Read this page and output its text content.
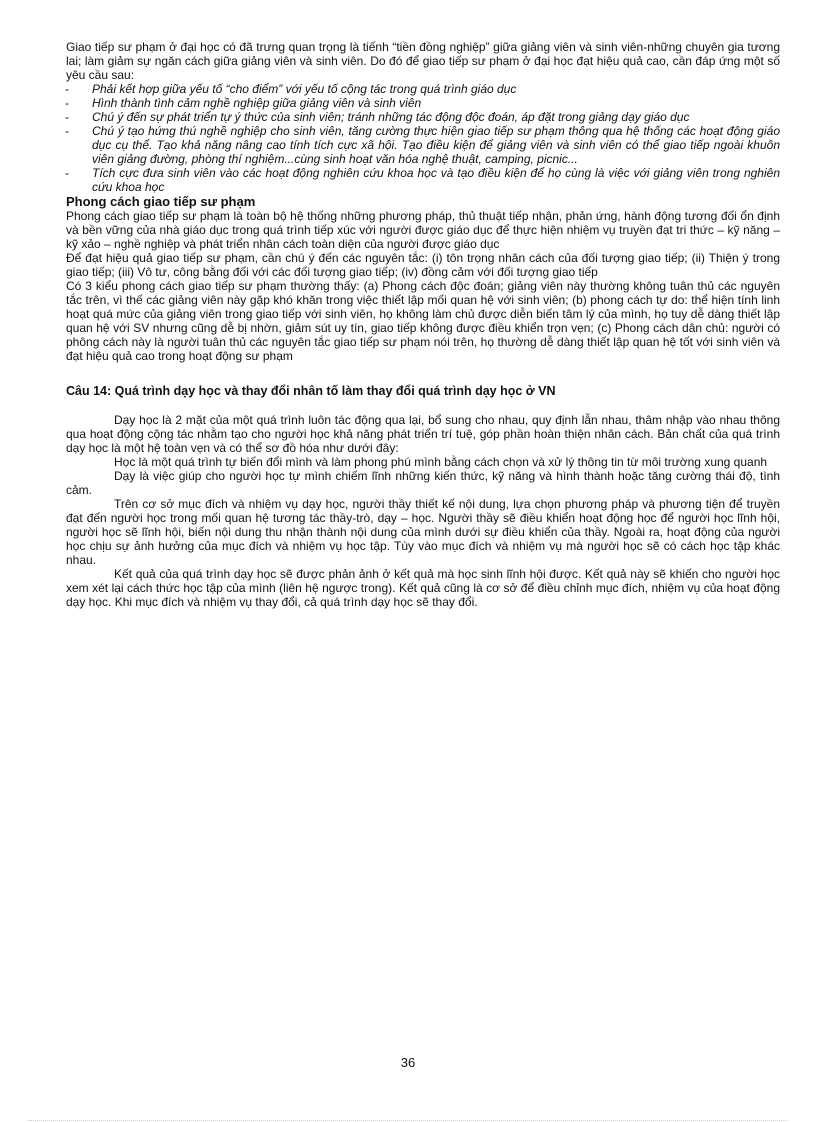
Giao tiếp sư phạm ở đại học có đã trưng quan trọng là tiếnh “tiền đồng nghiệp” giữa giảng viên và sinh viên-những chuyên gia tương lai; làm giảm sự ngăn cách giữa giảng viên và sinh viên. Do đó để giao tiếp sư phạm ở đại học đạt hiệu quả cao, cần đáp ứng một số yêu cầu sau:

- Phải kết hợp giữa yếu tố “cho điểm” với yếu tố cộng tác trong quá trình giáo dục
- Hình thành tình cảm nghề nghiệp giữa giảng viên và sinh viên
- Chú ý đến sự phát triển tự ý thức của sinh viên; tránh những tác động độc đoán, áp đặt trong giảng dạy giáo dục
- Chú ý tạo hứng thú nghề nghiệp cho sinh viên, tăng cường thực hiện giao tiếp sư phạm thông qua hệ thống các hoạt động giáo dục cụ thể. Tạo khả năng nâng cao tính tích cực xã hội. Tạo điều kiện để giảng viên và sinh viên có thể giao tiếp ngoài khuôn viên giảng đường, phòng thí nghiệm...cùng sinh hoạt văn hóa nghệ thuật, camping, picnic...
- Tích cực đưa sinh viên vào các hoạt động nghiên cứu khoa học và tạo điều kiện để họ cùng là việc với giảng viên trong nghiên cứu khoa học

Phong cách giao tiếp sư phạm

Phong cách giao tiếp sư phạm là toàn bộ hệ thống những phương pháp, thủ thuật tiếp nhận, phản ứng, hành động tương đối ổn định và bền vững của nhà giáo dục trong quá trình tiếp xúc với người được giáo dục để thực hiện nhiệm vụ truyền đạt tri thức – kỹ năng – kỹ xảo – nghề nghiệp và phát triển nhân cách toàn diện của người được giáo dục

Để đạt hiệu quả giao tiếp sư phạm, cần chú ý đến các nguyên tắc: (i) tôn trọng nhân cách của đối tượng giao tiếp; (ii) Thiện ý trong giao tiếp; (iii) Vô tư, công bằng đối với các đối tượng giao tiếp; (iv) đồng cảm với đối tượng giao tiếp

Có 3 kiểu phong cách giao tiếp sư phạm thường thấy: (a) Phong cách độc đoán; giảng viên này thường không tuân thủ các nguyên tắc trên, vì thế các giảng viên này gặp khó khăn trong việc thiết lập mối quan hệ với sinh viên; (b) phong cách tự do: thể hiện tính linh hoạt quá mức của giảng viên trong giao tiếp với sinh viên, họ không làm chủ được diễn biến tâm lý của mình, họ tuy dễ dàng thiết lập quan hệ với SV nhưng cũng dễ bị nhờn, giảm sút uy tín, giao tiếp không được điều khiển trọn vẹn; (c) Phong cách dân chủ: người có phông cách này là người tuân thủ các nguyên tắc giao tiếp sư phạm nói trên, họ thường dễ dàng thiết lập quan hệ tốt với sinh viên và đạt hiệu quả cao trong hoạt động sư phạm

Câu 14: Quá trình dạy học và thay đổi nhân tố làm thay đổi quá trình dạy học ở VN

Dạy học là 2 mặt của một quá trình luôn tác động qua lại, bổ sung cho nhau, quy định lẫn nhau, thâm nhập vào nhau thông qua hoạt động cộng tác nhằm tạo cho người học khả năng phát triển trí tuệ, góp phần hoàn thiện nhân cách. Bản chất của quá trình dạy học là một hệ toàn vẹn và có thể sơ đồ hóa như dưới đây:

Học là một quá trình tự biến đổi mình và làm phong phú mình bằng cách chọn và xử lý thông tin từ môi trường xung quanh

Dạy là việc giúp cho người học tự mình chiếm lĩnh những kiến thức, kỹ năng và hình thành hoặc tăng cường thái độ, tình cảm.

Trên cơ sở mục đích và nhiệm vụ dạy học, người thầy thiết kế nội dung, lựa chọn phương pháp và phương tiện để truyền đạt đến người học trong mối quan hệ tương tác thầy-trò, dạy – học. Người thầy sẽ điều khiển hoạt động học để người học lĩnh hội, người học sẽ lĩnh hội, biến nội dung thu nhận thành nội dung của mình dưới sự điều khiển của thầy. Ngoài ra, hoạt động của người học chịu sự ảnh hưởng của mục đích và nhiệm vụ học tập. Tùy vào mục đích và nhiệm vụ mà người học sẽ có cách học tập khác nhau.

Kết quả của quá trình dạy học sẽ được phản ảnh ở kết quả mà học sinh lĩnh hội được. Kết quả này sẽ khiến cho người học xem xét lại cách thức học tập của mình (liên hệ ngược trong). Kết quả cũng là cơ sở để điều chỉnh mục đích, nhiệm vụ của hoạt động dạy học. Khi mục đích và nhiệm vụ thay đổi, cả quá trình dạy học sẽ thay đổi.

36
